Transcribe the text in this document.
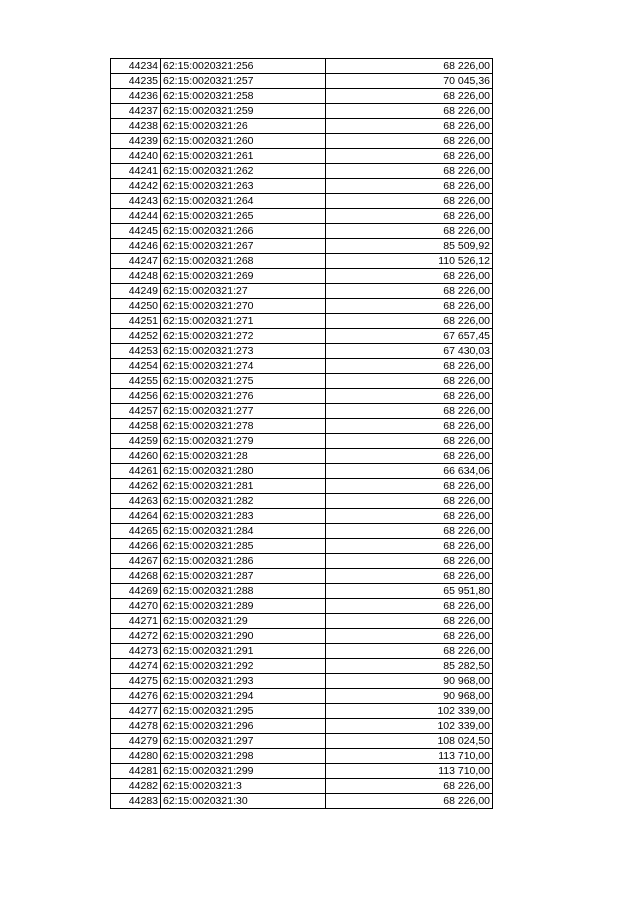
44234	62:15:0020321:256	68 226,00
44235	62:15:0020321:257	70 045,36
44236	62:15:0020321:258	68 226,00
44237	62:15:0020321:259	68 226,00
44238	62:15:0020321:26	68 226,00
44239	62:15:0020321:260	68 226,00
44240	62:15:0020321:261	68 226,00
44241	62:15:0020321:262	68 226,00
44242	62:15:0020321:263	68 226,00
44243	62:15:0020321:264	68 226,00
44244	62:15:0020321:265	68 226,00
44245	62:15:0020321:266	68 226,00
44246	62:15:0020321:267	85 509,92
44247	62:15:0020321:268	110 526,12
44248	62:15:0020321:269	68 226,00
44249	62:15:0020321:27	68 226,00
44250	62:15:0020321:270	68 226,00
44251	62:15:0020321:271	68 226,00
44252	62:15:0020321:272	67 657,45
44253	62:15:0020321:273	67 430,03
44254	62:15:0020321:274	68 226,00
44255	62:15:0020321:275	68 226,00
44256	62:15:0020321:276	68 226,00
44257	62:15:0020321:277	68 226,00
44258	62:15:0020321:278	68 226,00
44259	62:15:0020321:279	68 226,00
44260	62:15:0020321:28	68 226,00
44261	62:15:0020321:280	66 634,06
44262	62:15:0020321:281	68 226,00
44263	62:15:0020321:282	68 226,00
44264	62:15:0020321:283	68 226,00
44265	62:15:0020321:284	68 226,00
44266	62:15:0020321:285	68 226,00
44267	62:15:0020321:286	68 226,00
44268	62:15:0020321:287	68 226,00
44269	62:15:0020321:288	65 951,80
44270	62:15:0020321:289	68 226,00
44271	62:15:0020321:29	68 226,00
44272	62:15:0020321:290	68 226,00
44273	62:15:0020321:291	68 226,00
44274	62:15:0020321:292	85 282,50
44275	62:15:0020321:293	90 968,00
44276	62:15:0020321:294	90 968,00
44277	62:15:0020321:295	102 339,00
44278	62:15:0020321:296	102 339,00
44279	62:15:0020321:297	108 024,50
44280	62:15:0020321:298	113 710,00
44281	62:15:0020321:299	113 710,00
44282	62:15:0020321:3	68 226,00
44283	62:15:0020321:30	68 226,00
